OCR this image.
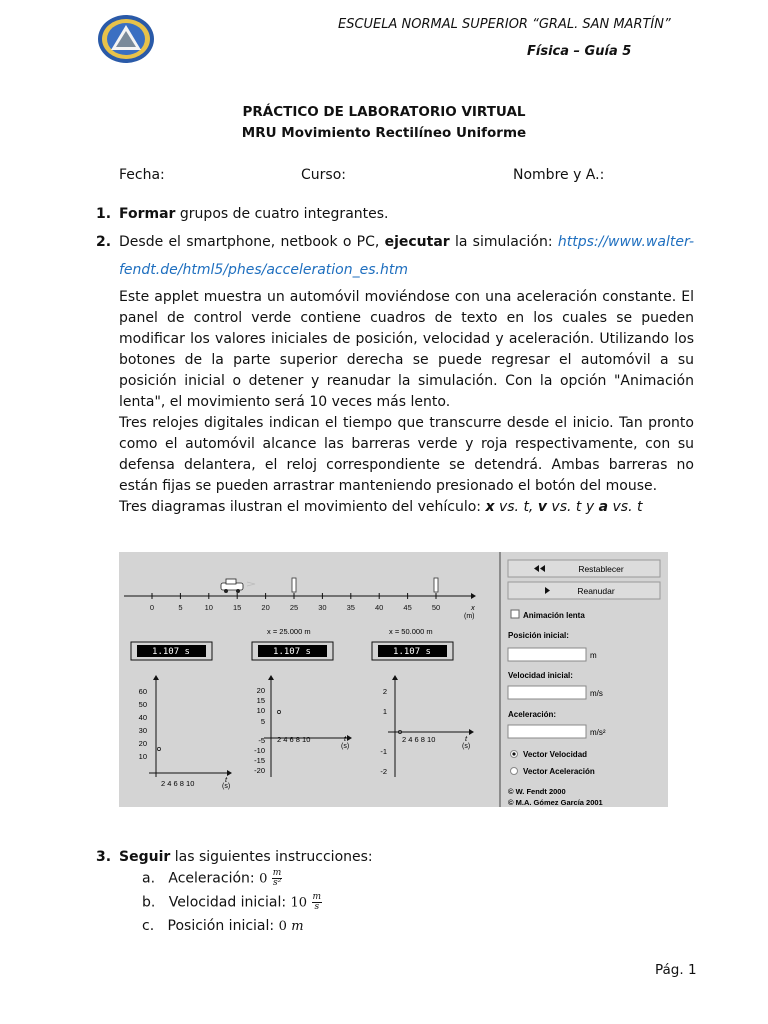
ESCUELA NORMAL SUPERIOR “GRAL. SAN MARTÍN”
Física – Guía 5
PRÁCTICO DE LABORATORIO VIRTUAL
MRU Movimiento Rectilíneo Uniforme
Fecha:	Curso:	Nombre y A.:
1. Formar grupos de cuatro integrantes.
2. Desde el smartphone, netbook o PC, ejecutar la simulación: https://www.walter-
fendt.de/html5/phes/acceleration_es.htm
Este applet muestra un automóvil moviéndose con una aceleración constante. El panel de control verde contiene cuadros de texto en los cuales se pueden modificar los valores iniciales de posición, velocidad y aceleración. Utilizando los botones de la parte superior derecha se puede regresar el automóvil a su posición inicial o detener y reanudar la simulación. Con la opción "Animación lenta", el movimiento será 10 veces más lento.
Tres relojes digitales indican el tiempo que transcurre desde el inicio. Tan pronto como el automóvil alcance las barreras verde y roja respectivamente, con su defensa delantera, el reloj correspondiente se detendrá. Ambas barreras no están fijas se pueden arrastrar manteniendo presionado el botón del mouse.
Tres diagramas ilustran el movimiento del vehículo: x vs. t, v vs. t y a vs. t
0	5	10	15	20	25	30	35	40	45	50	x
(m)
x = 25.000 m	x = 50.000 m
1.107 s	1.107 s	1.107 s
60
50
40
30
20
10
2 4 6 8 10	t
(s)
20
15
10
5
-5
-10
-15
-20
2 4 6 8 10	t
(s)
2
1
-1
-2
2 4 6 8 10	t
(s)
Restablecer
Reanudar
Animación lenta
Posición inicial:
m
Velocidad inicial:
m/s
Aceleración:
m/s²
Vector Velocidad
Vector Aceleración
© W. Fendt 2000
© M.A. Gómez García 2001
3. Seguir las siguientes instrucciones:
a. Aceleración: $0 \frac{m}{\text{s²}}$
b. Velocidad inicial: $10 \frac{m}{s}$
c. Posición inicial: 0 m
Pág. 1
